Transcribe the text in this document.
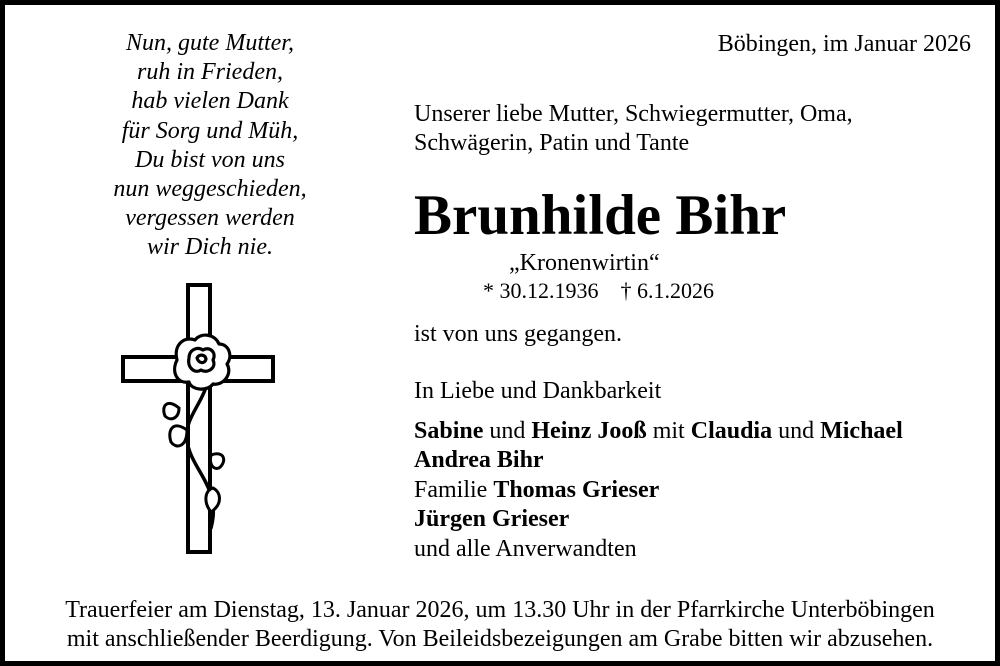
Nun, gute Mutter,
ruh in Frieden,
hab vielen Dank
für Sorg und Müh,
Du bist von uns
nun weggeschieden,
vergessen werden
wir Dich nie.
Böbingen, im Januar 2026
Unserer liebe Mutter, Schwiegermutter, Oma,
Schwägerin, Patin und Tante
Brunhilde Bihr
„Kronenwirtin“
* 30.12.1936 † 6.1.2026
ist von uns gegangen.
In Liebe und Dankbarkeit
Sabine und Heinz Jooß mit Claudia und Michael
Andrea Bihr
Familie Thomas Grieser
Jürgen Grieser
und alle Anverwandten
Trauerfeier am Dienstag, 13. Januar 2026, um 13.30 Uhr in der Pfarrkirche Unterböbingen
mit anschließender Beerdigung. Von Beileidsbezeigungen am Grabe bitten wir abzusehen.
